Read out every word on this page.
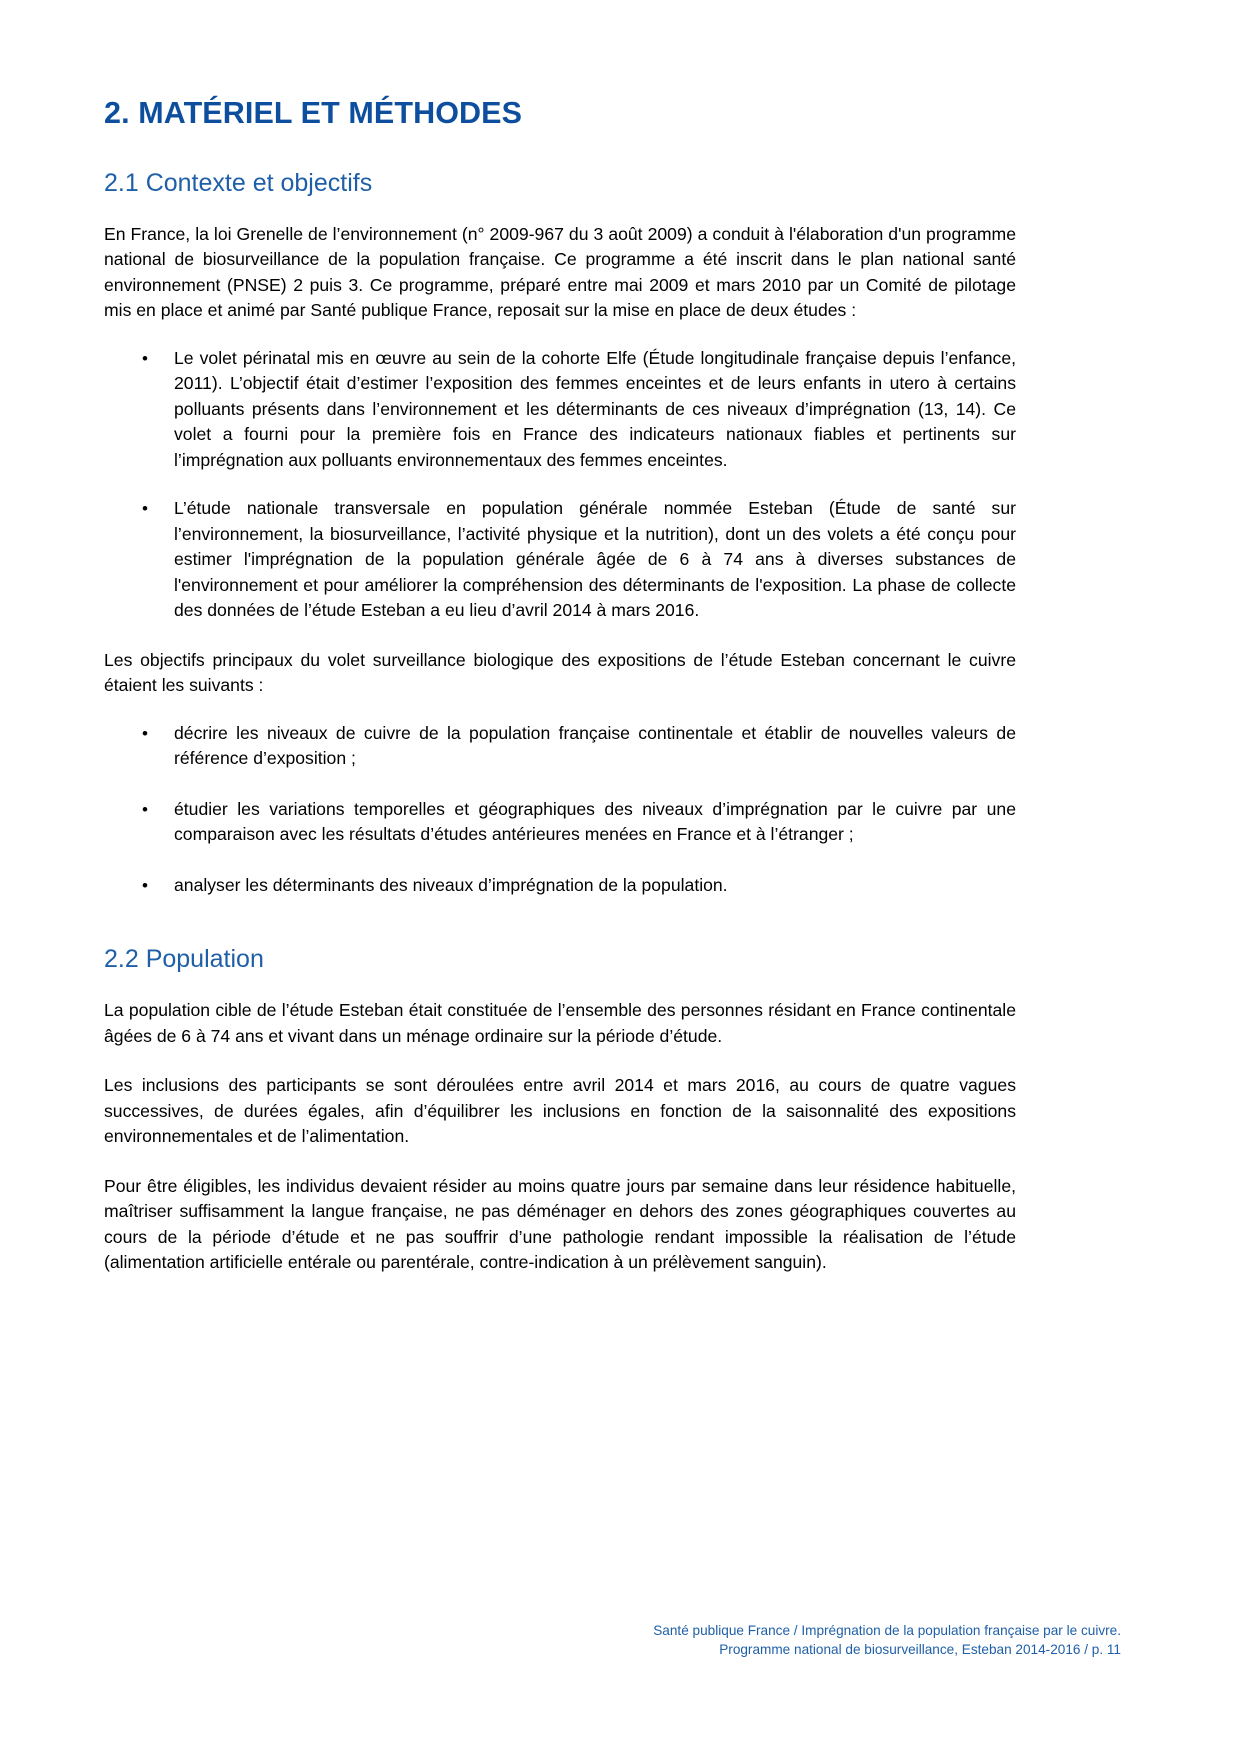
2. MATÉRIEL ET MÉTHODES
2.1 Contexte et objectifs

En France, la loi Grenelle de l’environnement (n° 2009-967 du 3 août 2009) a conduit à l'élaboration d'un programme national de biosurveillance de la population française. Ce programme a été inscrit dans le plan national santé environnement (PNSE) 2 puis 3. Ce programme, préparé entre mai 2009 et mars 2010 par un Comité de pilotage mis en place et animé par Santé publique France, reposait sur la mise en place de deux études :

• Le volet périnatal mis en œuvre au sein de la cohorte Elfe (Étude longitudinale française depuis l’enfance, 2011). L’objectif était d’estimer l’exposition des femmes enceintes et de leurs enfants in utero à certains polluants présents dans l’environnement et les déterminants de ces niveaux d’imprégnation (13, 14). Ce volet a fourni pour la première fois en France des indicateurs nationaux fiables et pertinents sur l’imprégnation aux polluants environnementaux des femmes enceintes.
• L’étude nationale transversale en population générale nommée Esteban (Étude de santé sur l’environnement, la biosurveillance, l’activité physique et la nutrition), dont un des volets a été conçu pour estimer l'imprégnation de la population générale âgée de 6 à 74 ans à diverses substances de l'environnement et pour améliorer la compréhension des déterminants de l'exposition. La phase de collecte des données de l’étude Esteban a eu lieu d’avril 2014 à mars 2016.

Les objectifs principaux du volet surveillance biologique des expositions de l’étude Esteban concernant le cuivre étaient les suivants :

• décrire les niveaux de cuivre de la population française continentale et établir de nouvelles valeurs de référence d’exposition ;
• étudier les variations temporelles et géographiques des niveaux d’imprégnation par le cuivre par une comparaison avec les résultats d’études antérieures menées en France et à l’étranger ;
• analyser les déterminants des niveaux d’imprégnation de la population.
2.2 Population

La population cible de l’étude Esteban était constituée de l’ensemble des personnes résidant en France continentale âgées de 6 à 74 ans et vivant dans un ménage ordinaire sur la période d’étude.

Les inclusions des participants se sont déroulées entre avril 2014 et mars 2016, au cours de quatre vagues successives, de durées égales, afin d’équilibrer les inclusions en fonction de la saisonnalité des expositions environnementales et de l’alimentation.

Pour être éligibles, les individus devaient résider au moins quatre jours par semaine dans leur résidence habituelle, maîtriser suffisamment la langue française, ne pas déménager en dehors des zones géographiques couvertes au cours de la période d’étude et ne pas souffrir d’une pathologie rendant impossible la réalisation de l’étude (alimentation artificielle entérale ou parentérale, contre-indication à un prélèvement sanguin).

Santé publique France / Imprégnation de la population française par le cuivre.
Programme national de biosurveillance, Esteban 2014-2016 / p. 11
